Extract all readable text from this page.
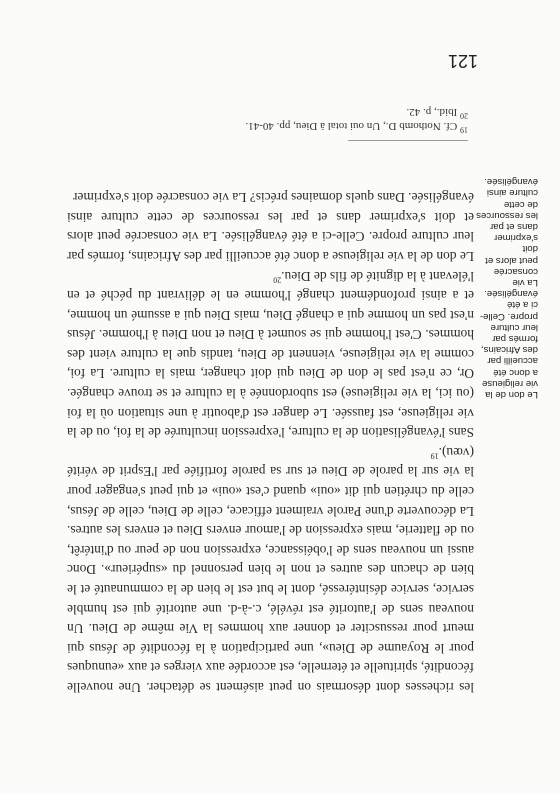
les richesses dont désormais on peut aisément se détacher. Une nouvelle fécondité, spirituelle et éternelle, est accordée aux vierges et aux «eunuques pour le Royaume de Dieu», une participation à la fécondité de Jésus qui meurt pour ressusciter et donner aux hommes la Vie même de Dieu. Un nouveau sens de l'autorité est révélé, c.-à-d. une autorité qui est humble service, service désintéressé, dont le but est le bien de la communauté et le bien de chacun des autres et non le bien personnel du «supérieur». Donc aussi un nouveau sens de l'obéissance, expression non de peur ou d'intérêt, ou de flatterie, mais expression de l'amour envers Dieu et envers les autres. La découverte d'une Parole vraiment efficace, celle de Dieu, celle de Jésus, celle du chrétien qui dit «oui» quand c'est «oui» et qui peut s'engager pour la vie sur la parole de Dieu et sur sa parole fortifiée par l'Esprit de vérité (vœu).$^{19}$

Sans l'évangélisation de la culture, l'expression inculturée de la foi, ou de la vie religieuse, est faussée. Le danger est d'aboutir à une situation où la foi (ou ici, la vie religieuse) est subordonnée à la culture et se trouve changée. Or, ce n'est pas le don de Dieu qui doit changer, mais la culture. La foi, comme la vie religieuse, viennent de Dieu, tandis que la culture vient des hommes. C'est l'homme qui se soumet à Dieu et non Dieu à l'homme. Jésus n'est pas un homme qui a changé Dieu, mais Dieu qui a assumé un homme, et a ainsi profondément changé l'homme en le délivrant du péché et en l'élevant à la dignité de fils de Dieu.$^{20}$

Le don de la vie religieuse a donc été accueilli par des Africains, formés par leur culture propre. Celle-ci a été évangélisée. La vie consacrée peut alors et doit s'exprimer dans et par les ressources de cette culture ainsi évangélisée. Dans quels domaines précis? La vie consacrée doit s'exprimer

Le don de la
vie religieuse
a donc été
accueilli par
des Africains,
formés par
leur culture
propre. Celle-
ci a été
évangélisée.
La vie
consacrée
peut alors et
doit
s'exprimer
dans et par
les ressources
de cette
culture ainsi
évangélisée.
$^{19}$ Cf. Nothomb D., Un oui total à Dieu, pp. 40-41.
$^{20}$ Ibid., p. 42.
121
